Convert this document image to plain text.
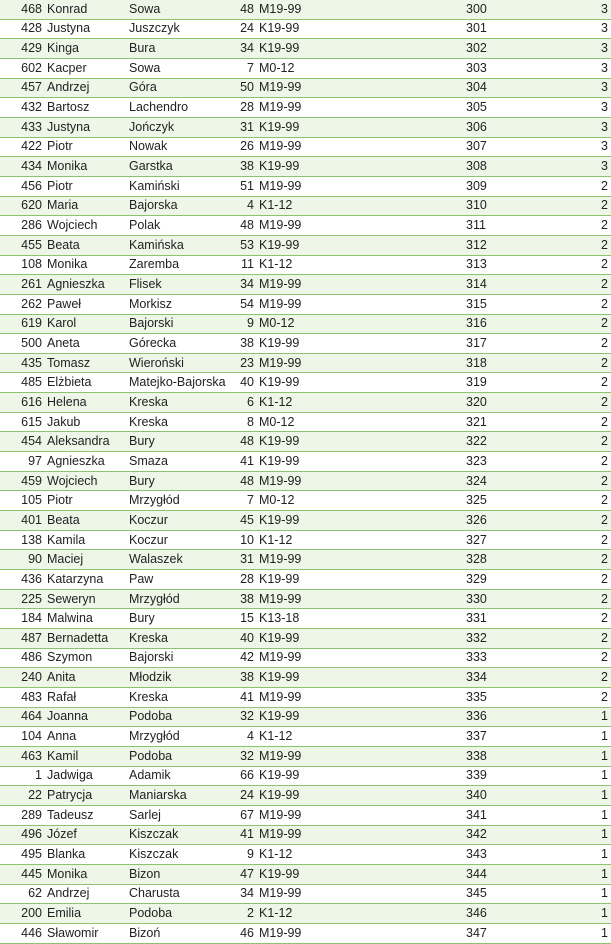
468	Konrad	Sowa	48	M19-99	300	3
428	Justyna	Juszczyk	24	K19-99	301	3
429	Kinga	Bura	34	K19-99	302	3
602	Kacper	Sowa	7	M0-12	303	3
457	Andrzej	Góra	50	M19-99	304	3
432	Bartosz	Lachendro	28	M19-99	305	3
433	Justyna	Jończyk	31	K19-99	306	3
422	Piotr	Nowak	26	M19-99	307	3
434	Monika	Garstka	38	K19-99	308	3
456	Piotr	Kamiński	51	M19-99	309	2
620	Maria	Bajorska	4	K1-12	310	2
286	Wojciech	Polak	48	M19-99	311	2
455	Beata	Kamińska	53	K19-99	312	2
108	Monika	Zaremba	11	K1-12	313	2
261	Agnieszka	Flisek	34	M19-99	314	2
262	Paweł	Morkisz	54	M19-99	315	2
619	Karol	Bajorski	9	M0-12	316	2
500	Aneta	Górecka	38	K19-99	317	2
435	Tomasz	Wieroński	23	M19-99	318	2
485	Elżbieta	Matejko-Bajorska	40	K19-99	319	2
616	Helena	Kreska	6	K1-12	320	2
615	Jakub	Kreska	8	M0-12	321	2
454	Aleksandra	Bury	48	K19-99	322	2
97	Agnieszka	Smaza	41	K19-99	323	2
459	Wojciech	Bury	48	M19-99	324	2
105	Piotr	Mrzygłód	7	M0-12	325	2
401	Beata	Koczur	45	K19-99	326	2
138	Kamila	Koczur	10	K1-12	327	2
90	Maciej	Walaszek	31	M19-99	328	2
436	Katarzyna	Paw	28	K19-99	329	2
225	Seweryn	Mrzygłód	38	M19-99	330	2
184	Malwina	Bury	15	K13-18	331	2
487	Bernadetta	Kreska	40	K19-99	332	2
486	Szymon	Bajorski	42	M19-99	333	2
240	Anita	Młodzik	38	K19-99	334	2
483	Rafał	Kreska	41	M19-99	335	2
464	Joanna	Podoba	32	K19-99	336	1
104	Anna	Mrzygłód	4	K1-12	337	1
463	Kamil	Podoba	32	M19-99	338	1
1	Jadwiga	Adamik	66	K19-99	339	1
22	Patrycja	Maniarska	24	K19-99	340	1
289	Tadeusz	Sarlej	67	M19-99	341	1
496	Józef	Kiszczak	41	M19-99	342	1
495	Blanka	Kiszczak	9	K1-12	343	1
445	Monika	Bizon	47	K19-99	344	1
62	Andrzej	Charusta	34	M19-99	345	1
200	Emilia	Podoba	2	K1-12	346	1
446	Sławomir	Bizoń	46	M19-99	347	1
